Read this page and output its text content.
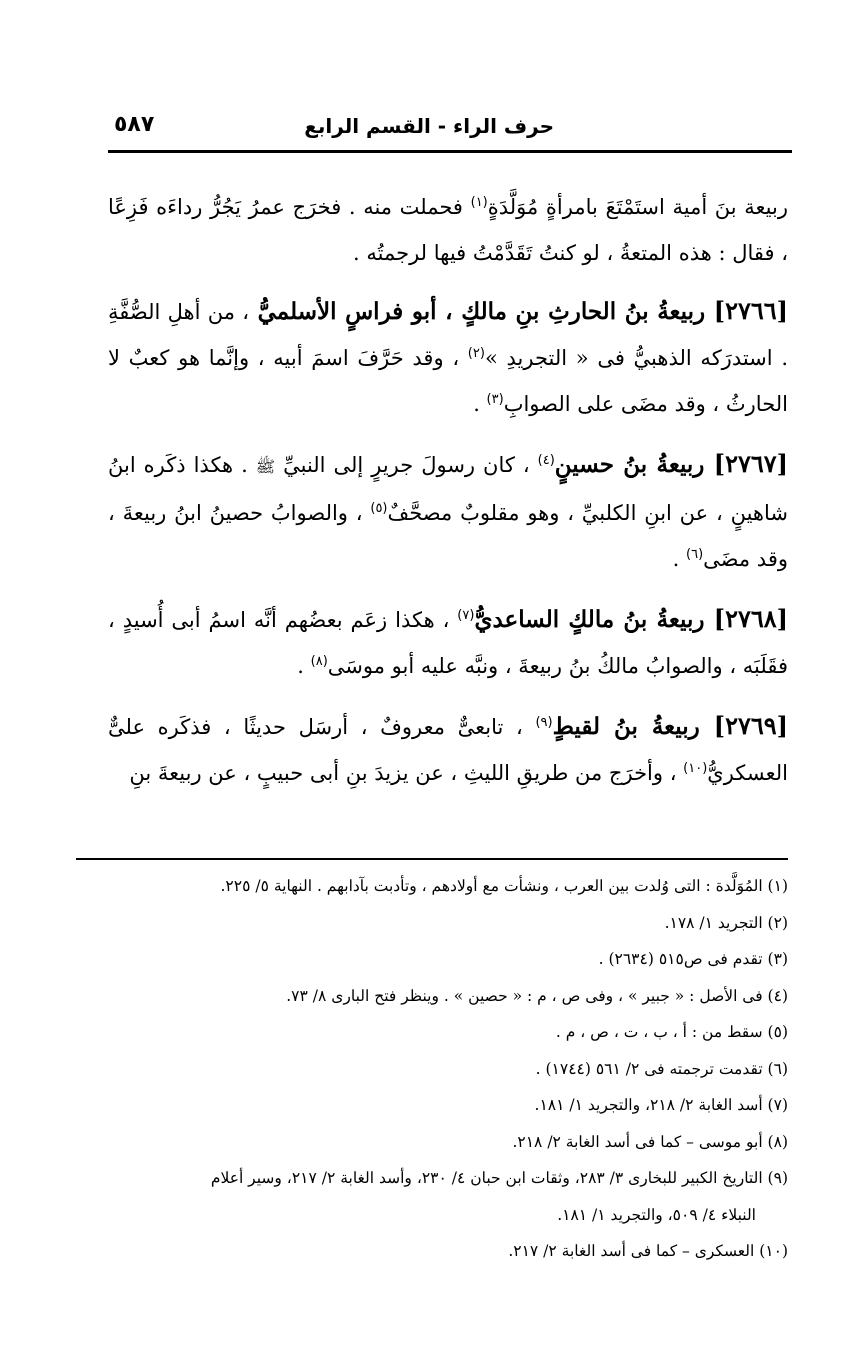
حرف الراء - القسم الرابع
٥٨٧

ربيعة بنَ أمية استَمْتَعَ بامرأةٍ مُوَلَّدَةٍ$^{(١)}$ فحملت منه . فخرَج عمرُ يَجُرُّ رداءَه فَزِعًا ، فقال : هذه المتعةُ ، لو كنتُ تَقَدَّمْتُ فيها لرجمتُه .

[٢٧٦٦] ربيعةُ بنُ الحارثِ بنِ مالكٍ ، أبو فراسٍ الأسلميُّ ، من أهلِ الصُّفَّةِ . استدرَكه الذهبيُّ فى « التجريدِ »$^{(٢)}$ ، وقد حَرَّفَ اسمَ أبيه ، وإنَّما هو كعبٌ لا الحارثُ ، وقد مضَى على الصوابِ$^{(٣)}$ .

[٢٧٦٧] ربيعةُ بنُ حسينٍ$^{(٤)}$ ، كان رسولَ جريرٍ إلى النبيِّ ﷺ . هكذا ذكَره ابنُ شاهينٍ ، عن ابنِ الكلبيِّ ، وهو مقلوبٌ مصحَّفٌ$^{(٥)}$ ، والصوابُ حصينُ ابنُ ربيعةَ ، وقد مضَى$^{(٦)}$ .

[٢٧٦٨] ربيعةُ بنُ مالكٍ الساعديُّ$^{(٧)}$ ، هكذا زعَم بعضُهم أنَّه اسمُ أبى أُسيدٍ ، فقَلَبَه ، والصوابُ مالكُ بنُ ربيعةَ ، ونبَّه عليه أبو موسَى$^{(٨)}$ .

[٢٧٦٩] ربيعةُ بنُ لقيطٍ$^{(٩)}$ ، تابعىٌّ معروفٌ ، أرسَل حديثًا ، فذكَره علىٌّ العسكريُّ$^{(١٠)}$ ، وأخرَج من طريقِ الليثِ ، عن يزيدَ بنِ أبى حبيبٍ ، عن ربيعةَ بنِ

(١) المُوَلَّدة : التى وُلدت بين العرب ، ونشأت مع أولادهم ، وتأدبت بآدابهم . النهاية ٥/ ٢٢٥.

(٢) التجريد ١/ ١٧٨.

(٣) تقدم فى ص٥١٥ (٢٦٣٤) .

(٤) فى الأصل : « جبير » ، وفى ص ، م : « حصين » . وينظر فتح البارى ٨/ ٧٣.

(٥) سقط من : أ ، ب ، ت ، ص ، م .

(٦) تقدمت ترجمته فى ٢/ ٥٦١ (١٧٤٤) .

(٧) أسد الغابة ٢/ ٢١٨، والتجريد ١/ ١٨١.

(٨) أبو موسى – كما فى أسد الغابة ٢/ ٢١٨.

(٩) التاريخ الكبير للبخارى ٣/ ٢٨٣، وثقات ابن حبان ٤/ ٢٣٠، وأسد الغابة ٢/ ٢١٧، وسير أعلام

النبلاء ٤/ ٥٠٩، والتجريد ١/ ١٨١.

(١٠) العسكرى – كما فى أسد الغابة ٢/ ٢١٧.
